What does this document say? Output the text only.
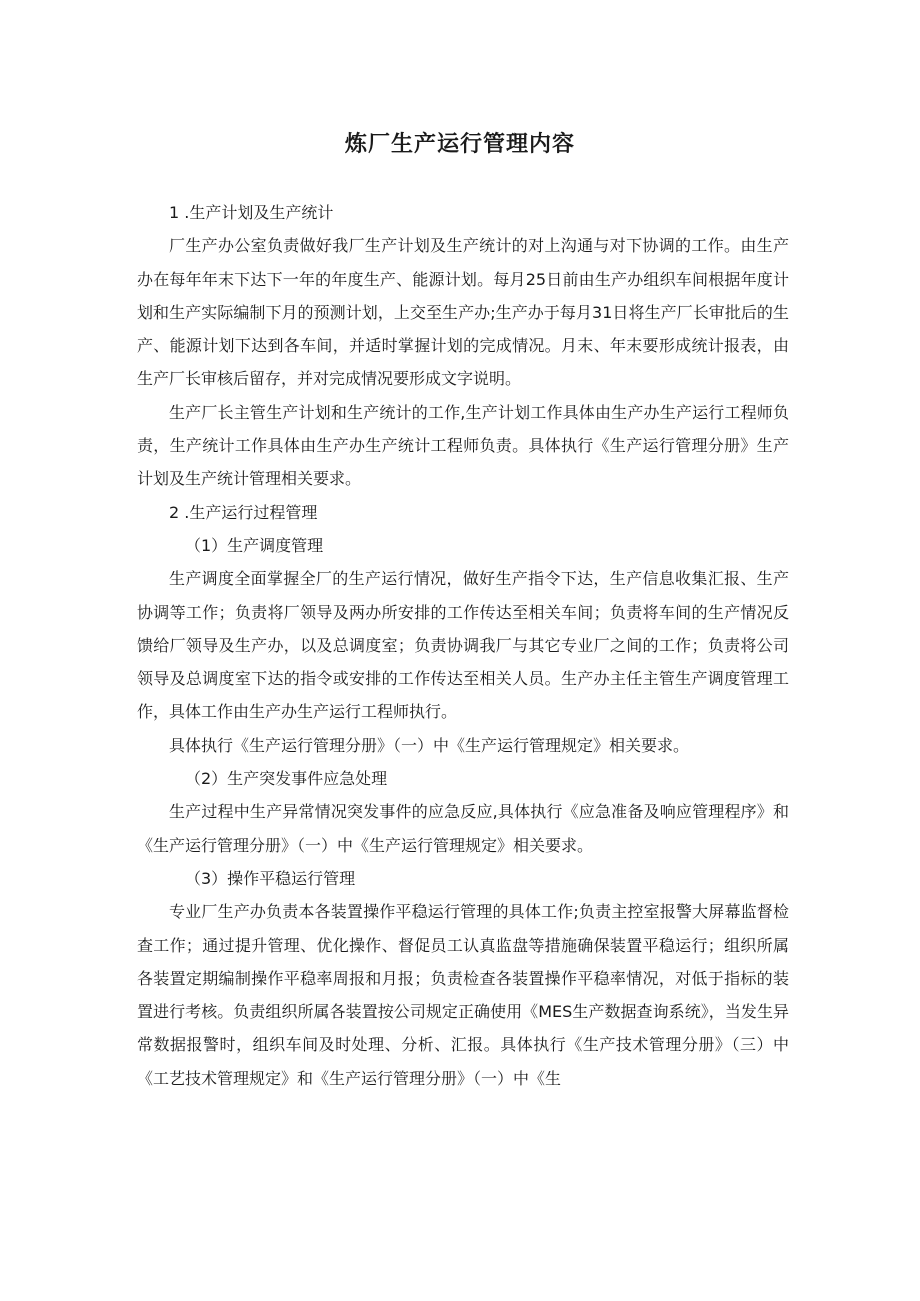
炼厂生产运行管理内容

1 .生产计划及生产统计

厂生产办公室负责做好我厂生产计划及生产统计的对上沟通与对下协调的工作。由生产办在每年年末下达下一年的年度生产、能源计划。每月25日前由生产办组织车间根据年度计划和生产实际编制下月的预测计划，上交至生产办;生产办于每月31日将生产厂长审批后的生产、能源计划下达到各车间，并适时掌握计划的完成情况。月末、年末要形成统计报表，由生产厂长审核后留存，并对完成情况要形成文字说明。

生产厂长主管生产计划和生产统计的工作,生产计划工作具体由生产办生产运行工程师负责，生产统计工作具体由生产办生产统计工程师负责。具体执行《生产运行管理分册》生产计划及生产统计管理相关要求。

2 .生产运行过程管理

（1）生产调度管理

生产调度全面掌握全厂的生产运行情况，做好生产指令下达，生产信息收集汇报、生产协调等工作；负责将厂领导及两办所安排的工作传达至相关车间；负责将车间的生产情况反馈给厂领导及生产办，以及总调度室；负责协调我厂与其它专业厂之间的工作；负责将公司领导及总调度室下达的指令或安排的工作传达至相关人员。生产办主任主管生产调度管理工作，具体工作由生产办生产运行工程师执行。

具体执行《生产运行管理分册》（一）中《生产运行管理规定》相关要求。

（2）生产突发事件应急处理

生产过程中生产异常情况突发事件的应急反应,具体执行《应急准备及响应管理程序》和《生产运行管理分册》（一）中《生产运行管理规定》相关要求。

（3）操作平稳运行管理

专业厂生产办负责本各装置操作平稳运行管理的具体工作;负责主控室报警大屏幕监督检查工作；通过提升管理、优化操作、督促员工认真监盘等措施确保装置平稳运行；组织所属各装置定期编制操作平稳率周报和月报；负责检查各装置操作平稳率情况，对低于指标的装置进行考核。负责组织所属各装置按公司规定正确使用《MES生产数据查询系统》，当发生异常数据报警时，组织车间及时处理、分析、汇报。具体执行《生产技术管理分册》（三）中《工艺技术管理规定》和《生产运行管理分册》（一）中《生
